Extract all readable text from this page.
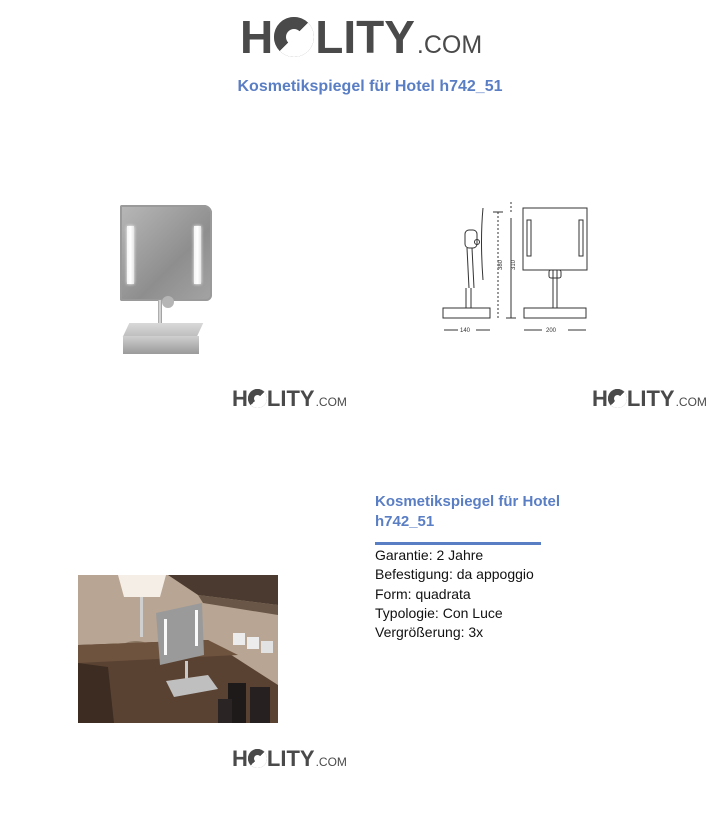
H LITY .COM
Kosmetikspiegel für Hotel h742_51
H LITY .COM
140	200
380 310
H LITY .COM
H LITY .COM
Kosmetikspiegel für Hotel h742_51
Garantie: 2 Jahre
Befestigung: da appoggio
Form: quadrata
Typologie: Con Luce
Vergrößerung: 3x
